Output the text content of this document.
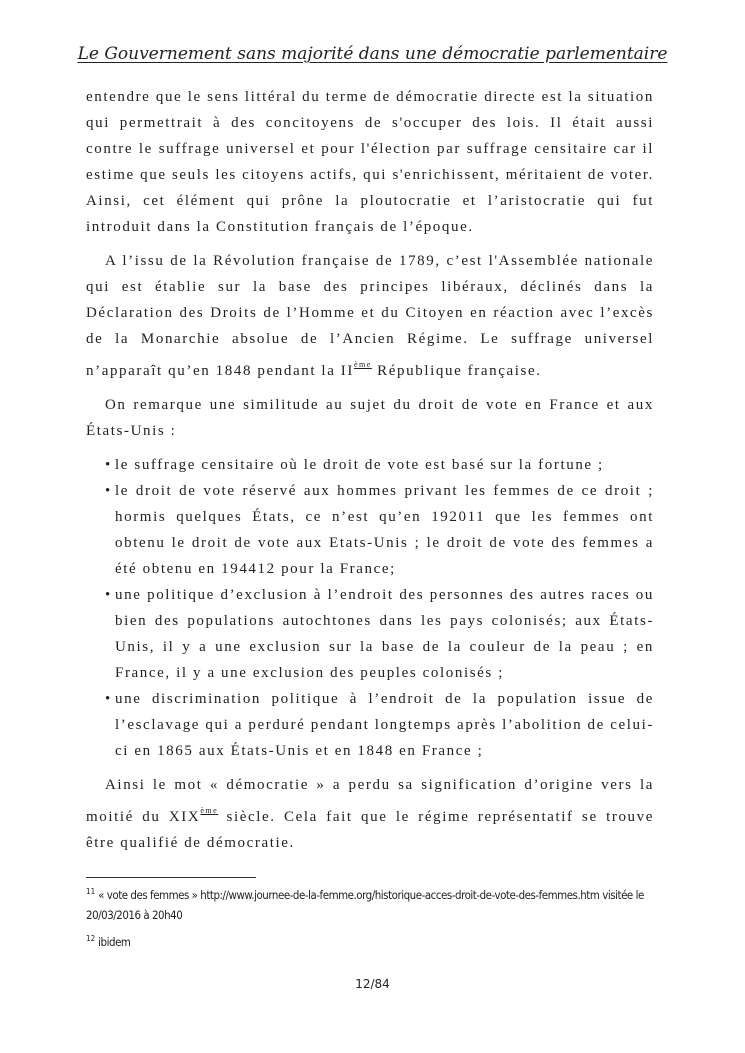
Le Gouvernement sans majorité dans une démocratie parlementaire

entendre que le sens littéral du terme de démocratie directe est la situation qui permettrait à des concitoyens de s'occuper des lois. Il était aussi contre le suffrage universel et pour l'élection par suffrage censitaire car il estime que seuls les citoyens actifs, qui s'enrichissent, méritaient de voter. Ainsi, cet élément qui prône la ploutocratie et l’aristocratie qui fut introduit dans la Constitution français de l’époque.

A l’issu de la Révolution française de 1789, c’est l'Assemblée nationale qui est établie sur la base des principes libéraux, déclinés dans la Déclaration des Droits de l’Homme et du Citoyen en réaction avec l’excès de la Monarchie absolue de l’Ancien Régime. Le suffrage universel n’apparaît qu’en 1848 pendant la IIème République française.

On remarque une similitude au sujet du droit de vote en France et aux États-Unis :

• le suffrage censitaire où le droit de vote est basé sur la fortune ;
• le droit de vote réservé aux hommes privant les femmes de ce droit ; hormis quelques États, ce n’est qu’en 192011 que les femmes ont obtenu le droit de vote aux Etats-Unis ; le droit de vote des femmes a été obtenu en 194412 pour la France;
• une politique d’exclusion à l’endroit des personnes des autres races ou bien des populations autochtones dans les pays colonisés; aux États-Unis, il y a une exclusion sur la base de la couleur de la peau ; en France, il y a une exclusion des peuples colonisés ;
• une discrimination politique à l’endroit de la population issue de l’esclavage qui a perduré pendant longtemps après l’abolition de celui-ci en 1865 aux États-Unis et en 1848 en France ;

Ainsi le mot « démocratie » a perdu sa signification d’origine vers la moitié du XIXème siècle. Cela fait que le régime représentatif se trouve être qualifié de démocratie.

$^{11}$ « vote des femmes » http://www.journee-de-la-femme.org/historique-acces-droit-de-vote-des-femmes.htm visitée le 20/03/2016 à 20h40
$^{12}$ ibidem
12/84
